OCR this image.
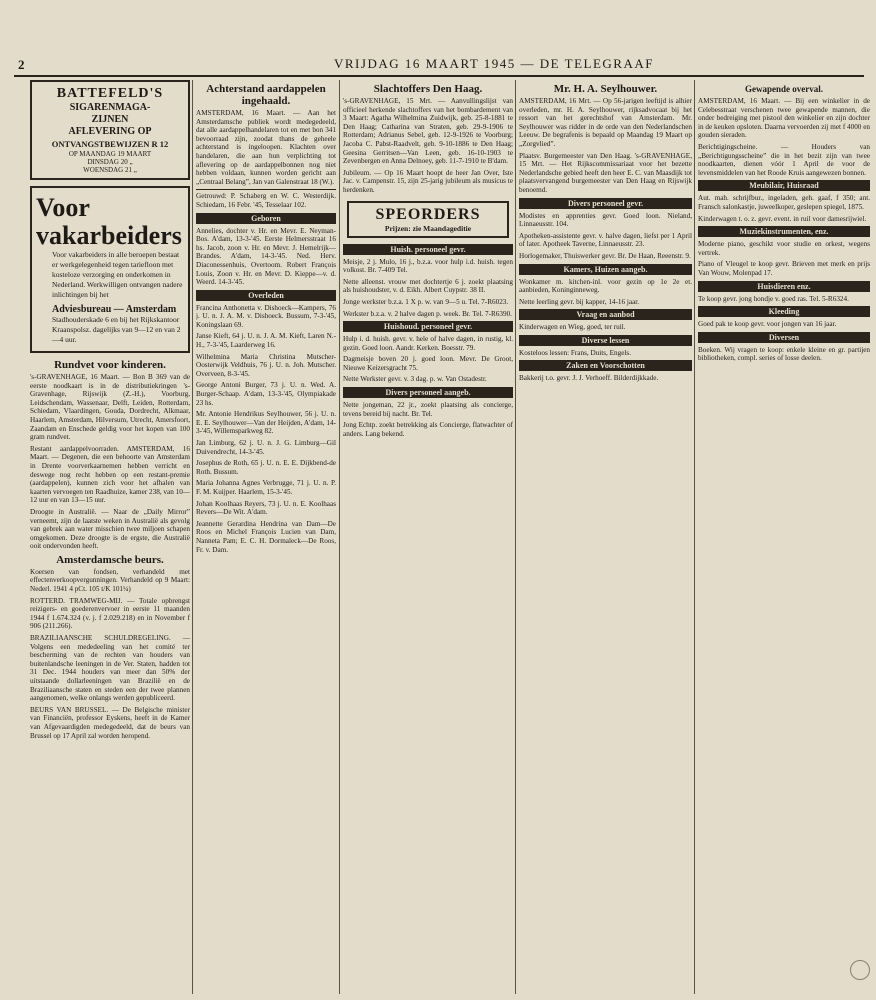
2	VRIJDAG 16 MAART 1945 — DE TELEGRAAF
BATTEFELD'S
SIGARENMAGA-
ZIJNEN
AFLEVERING OP
ONTVANGSTBEWIJZEN R 12
OP MAANDAG 19 MAART
DINSDAG 20 „
WOENSDAG 21 „
Voor
vakarbeiders
Voor vakarbeiders in alle beroepen bestaat er werkgelegenheid tegen tariefloon met kosteloze verzorging en onderkomen in Nederland. Werkwilligen ontvangen nadere inlichtingen bij het
Adviesbureau — Amsterdam
Stadhouderskade 6 en bij het Rijkskantoor Kraanspolsz. dagelijks van 9—12 en van 2—4 uur.
Rundvet voor kinderen.

's-GRAVENHAGE, 16 Maart. — Bon B 369 van de eerste noodkaart is in de distributiekringen 's-Gravenhage, Rijswijk (Z.-H.), Voorburg, Leidschendam, Wassenaar, Delft, Leiden, Rotterdam, Schiedam, Vlaardingen, Gouda, Dordrecht, Alkmaar, Haarlem, Amsterdam, Hilversum, Utrecht, Amersfoort, Zaandam en Enschede geldig voor het kopen van 100 gram rundvet.

Restant aardappelvoorraden. AMSTERDAM, 16 Maart. — Degenen, die een behoorte van Amsterdam in Drente voorverkaarnemen hebben verricht en deswege nog recht hebben op een restant-premie (aardappelen), kunnen zich voor het afhalen van kaarten vervoegen ten Raadhuize, kamer 238, van 10—12 uur en van 13—15 uur.

Droogte in Australië. — Naar de „Daily Mirror” verneemt, zijn de laatste weken in Australië als gevolg van gebrek aan water misschien twee miljoen schapen omgekomen. Deze droogte is de ergste, die Australië ooit ondervonden heeft.

Amsterdamsche beurs.

Koersen van fondsen, verhandeld met effectenverkoopvergunningen. Verhandeld op 9 Maart: Nederl. 1941 4 pCt. 105 t/K 101¼)

ROTTERD. TRAMWEG-MIJ. — Totale opbrengst reizigers- en goederenvervoer in eerste 11 maanden 1944 f 1.674.324 (v. j. f 2.029.218) en in November f 906 (211.266).

BRAZILIAANSCHE SCHULDREGELING. — Volgens een mededeeling van het comité ter bescherming van de rechten van houders van buitenlandsche leeningen in de Ver. Staten, hadden tot 31 Dec. 1944 houders van meer dan 50% der uitstaande dollarleeningen van Brazilië en de Braziliaansche staten en steden een der twee plannen aangenomen, welke onlangs werden gepubliceerd.

BEURS VAN BRUSSEL. — De Belgische minister van Financiën, professor Eyskens, heeft in de Kamer van Afgevaardigden medegedeeld, dat de beurs van Brussel op 17 April zal worden heropend.

Achterstand aardappelen ingehaald.

AMSTERDAM, 16 Maart. — Aan het Amsterdamsche publiek wordt medegedeeld, dat alle aardappelhandelaren tot en met bon 341 bevoorraad zijn, zoodat thans de geheele achterstand is ingeloopen. Klachten over handelaren, die aan hun verplichting tot aflevering op de aardappelbonnen nog niet hebben voldaan, kunnen worden gericht aan „Centraal Belang”, Jan van Galenstraat 18 (W.).

Getrouwd: P. Schaberg en W. C. Westerdijk. Schiedam, 16 Febr. '45, Tesselaar 102.

Geboren

Annelies, dochter v. Hr. en Mevr. E. Neyman-Bos. A'dam, 13-3-'45. Eerste Helmersstraat 16 hs. Jacob, zoon v. Hr. en Mevr. J. Hemelrijk—Brandes. A'dam, 14-3-'45. Ned. Herv. Diaconessenhuis, Overtoom. Robert François Louis, Zoon v. Hr. en Mevr. D. Kieppe—v. d. Weerd. 14-3-'45.

Overleden

Francina Anthonetta v. Dishoeck—Kampers, 76 j. U. n. J. A. M. v. Dishoeck. Bussum, 7-3-'45, Koningslaan 69.

Janse Kieft, 64 j. U. n. J. A. M. Kieft, Laren N.-H., 7-3-'45, Laarderweg 16.

Wilhelmina Maria Christina Mutscher-Oosterwijk Veldhuis, 76 j. U. n. Joh. Mutscher. Overveen, 8-3-'45.

George Antoni Burger, 73 j. U. n. Wed. A. Burger-Schaap. A'dam, 13-3-'45, Olympiakade 23 hs.

Mr. Antonie Hendrikus Seylhouwer, 56 j. U. n. E. E. Seylhouwer—Van der Heijden, A'dam, 14-3-'45, Willemsparkweg 82.

Jan Limburg, 62 j. U. n. J. G. Limburg—Gil Duivendrecht, 14-3-'45.

Josephus de Roth, 65 j. U. n. E. E. Dijkbend-de Roth. Bussum.

Maria Johanna Agnes Verbrugge, 71 j. U. n. P. F. M. Kuijper. Haarlem, 15-3-'45.

Johan Koolhaas Reyers, 73 j. U. n. E. Koolhaas Revers—De Wit. A'dam.

Jeannette Gerardina Hendrina van Dam—De Roos en Michel François Lucien van Dam, Nanneta Pam; E. C. H. Dormaleck—De Roos, Fr. v. Dam.

Slachtoffers Den Haag.

's-GRAVENHAGE, 15 Mrt. — Aanvullingslijst van officieel herkende slachtoffers van het bombardement van 3 Maart: Agatha Wilhelmina Zuidwijk, geb. 25-8-1881 te Den Haag; Catharina van Straten, geb. 29-9-1906 te Rotterdam; Adrianus Sebel, geb. 12-9-1926 te Voorburg; Jacoba C. Pabst-Raadvelt, geb. 9-10-1886 te Den Haag; Geesina Gerritsen—Van Leen, geb. 16-10-1903 te Zevenbergen en Anna Delnoey, geb. 11-7-1910 te B'dam.

Jubileum. — Op 16 Maart hoopt de heer Jan Over, Iste Jac. v. Campenstr. 15, zijn 25-jarig jubileum als musicus te herdenken.

SPEORDERS
Prijzen: zie Maandageditie
Huish. personeel gevr.

Meisje, 2 j. Mulo, 16 j., b.z.a. voor hulp i.d. huish. tegen volkost. Br. 7-409 Tel.

Nette alleenst. vrouw met dochtertje 6 j. zoekt plaatsing als huishoudster, v. d. Eikh. Albert Cuypstr. 38 II.

Jonge werkster b.z.a. 1 X p. w. van 9—5 u. Tel. 7-R6023.

Werkster b.z.a. v. 2 halve dagen p. week. Br. Tel. 7-R6390.

Huishoud. personeel gevr.

Hulp i. d. huish. gevr. v. hele of halve dagen, in rustig, kl. gezin. Goed loon. Aandr. Kerken. Boesstr. 79.

Dagmeisje boven 20 j. goed loon. Mevr. De Groot, Nieuwe Keizersgracht 75.

Nette Werkster gevr. v. 3 dag. p. w. Van Ostadestr.

Divers personeel aangeb.

Nette jongeman, 22 jr., zoekt plaatsing als concierge, tevens bereid bij nacht. Br. Tel.

Jong Echtp. zoekt betrekking als Concierge, flatwachter of anders. Lang bekend.

Mr. H. A. Seylhouwer.

AMSTERDAM, 16 Mrt. — Op 56-jarigen leeftijd is alhier overleden, mr. H. A. Seylhouwer, rijksadvocaat bij het ressort van het gerechtshof van Amsterdam. Mr. Seylhouwer was ridder in de orde van den Nederlandschen Leeuw. De begrafenis is bepaald op Maandag 19 Maart op „Zorgvlied”.

Plaatsv. Burgemeester van Den Haag. 's-GRAVENHAGE, 15 Mrt. — Het Rijkscommissariaat voor het bezette Nederlandsche gebied heeft den heer E. C. van Maasdijk tot plaatsvervangend burgemeester van Den Haag en Rijswijk benoemd.

Divers personeel gevr.

Modistes en apprenties gevr. Goed loon. Nieland, Linnaeusstr. 104.

Apotheken-assistente gevr. v. halve dagen, liefst per 1 April of later. Apotheek Taverne, Linnaeusstr. 23.

Horlogemaker, Thuiswerker gevr. Br. De Haan, Reeenstr. 9.

Kamers, Huizen aangeb.

Wonkamer m. kitchen-inl. voor gezin op 1e 2e et. aanbieden, Koninginneweg.

Nette leerling gevr. bij kapper, 14-16 jaar.

Vraag en aanbod

Kinderwagen en Wieg, goed, ter ruil.

Diverse lessen

Kosteloos lessen: Frans, Duits, Engels.

Zaken en Voorschotten

Bakkerij t.o. gevr. J. J. Verhoeff. Bilderdijkkade.

Gewapende overval.

AMSTERDAM, 16 Maart. — Bij een winkelier in de Celebesstraat verschenen twee gewapende mannen, die onder bedreiging met pistool den winkelier en zijn dochter in de keuken opsloten. Daarna vervoerden zij met f 4000 en gouden sieraden.

Berichtigingscheine. — Houders van „Berichtigungsscheine” die in het bezit zijn van twee noodkaarten, dienen vóór 1 April de voor de levensmiddelen van het Roode Kruis aangewezen bonnen.

Meubilair, Huisraad

Aut. mah. schrijfbur., ingeladen, geh. gaaf, f 350; ant. Fransch salonkastje, juweelkoper, geslepen spiegel, 1875.

Kinderwagen t. o. z. gevr. event. in ruil voor damesrijwiel.

Muziekinstrumenten, enz.

Moderne piano, geschikt voor studie en orkest, wegens vertrek.

Piano of Vleugel te koop gevr. Brieven met merk en prijs Van Wouw, Molenpad 17.

Huisdieren enz.

Te koop gevr. jong hondje v. goed ras. Tel. 5-R6324.

Kleeding

Goed pak te koop gevr. voor jongen van 16 jaar.

Diversen

Boeken. Wij vragen te koop: enkele kleine en gr. partijen bibliotheken, compl. series of losse deelen.
